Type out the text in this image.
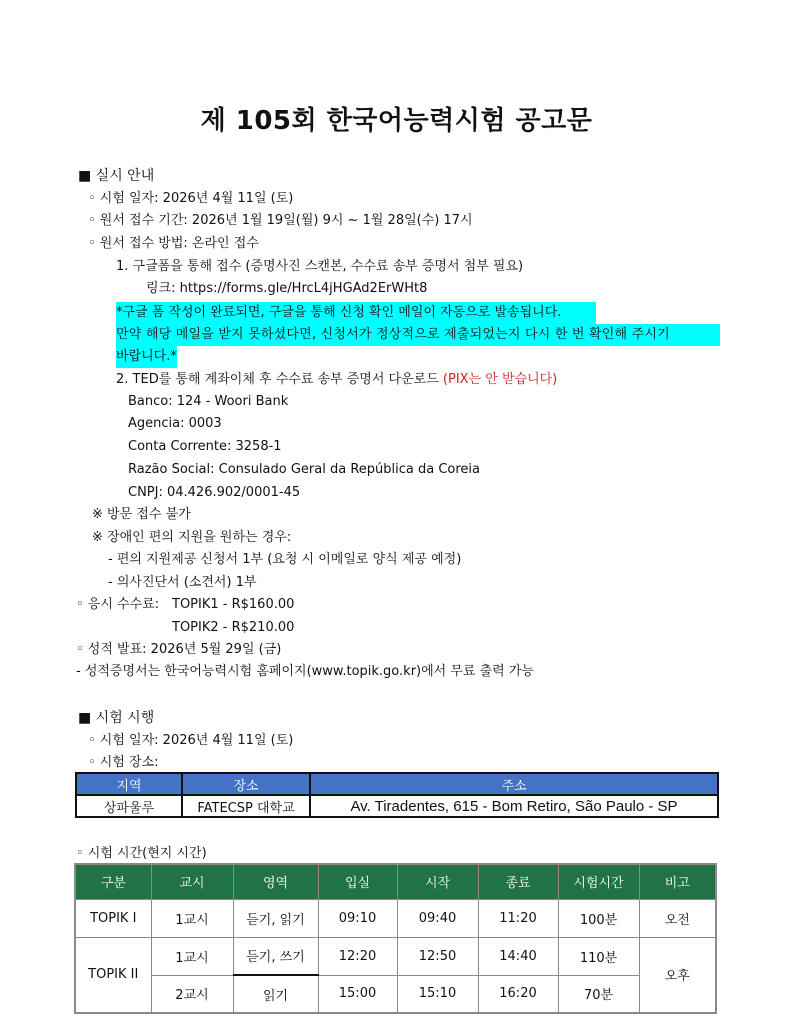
제 105회 한국어능력시험 공고문
■ 실시 안내
◦ 시험 일자: 2026년 4월 11일 (토)
◦ 원서 접수 기간: 2026년 1월 19일(월) 9시 ~ 1월 28일(수) 17시
◦ 원서 접수 방법: 온라인 접수
1. 구글폼을 통해 접수 (증명사진 스캔본, 수수료 송부 증명서 첨부 필요)
링크: https://forms.gle/HrcL4jHGAd2ErWHt8
*구글 폼 작성이 완료되면, 구글을 통해 신청 확인 메일이 자동으로 발송됩니다.
만약 해당 메일을 받지 못하셨다면, 신청서가 정상적으로 제출되었는지 다시 한 번 확인해 주시기
바랍니다.*
2. TED를 통해 계좌이체 후 수수료 송부 증명서 다운로드 (PIX는 안 받습니다)
Banco: 124 - Woori Bank
Agencia: 0003
Conta Corrente: 3258-1
Razão Social: Consulado Geral da República da Coreia
CNPJ: 04.426.902/0001-45
※ 방문 접수 불가
※ 장애인 편의 지원을 원하는 경우:
- 편의 지원제공 신청서 1부 (요청 시 이메일로 양식 제공 예정)
- 의사진단서 (소견서) 1부
◦ 응시 수수료: TOPIK1 - R$160.00
TOPIK2 - R$210.00
◦ 성적 발표: 2026년 5월 29일 (금)
- 성적증명서는 한국어능력시험 홈페이지(www.topik.go.kr)에서 무료 출력 가능
■ 시험 시행
◦ 시험 일자: 2026년 4월 11일 (토)
◦ 시험 장소:
지역	장소	주소
상파울루	FATECSP 대학교	Av. Tiradentes, 615 - Bom Retiro, São Paulo - SP
◦ 시험 시간(현지 시간)
구분	교시	영역	입실	시작	종료	시험시간	비고
TOPIK I	1교시	듣기, 읽기	09:10	09:40	11:20	100분	오전
TOPIK II	1교시	듣기, 쓰기	12:20	12:50	14:40	110분	오후
	2교시	읽기	15:00	15:10	16:20	70분	
